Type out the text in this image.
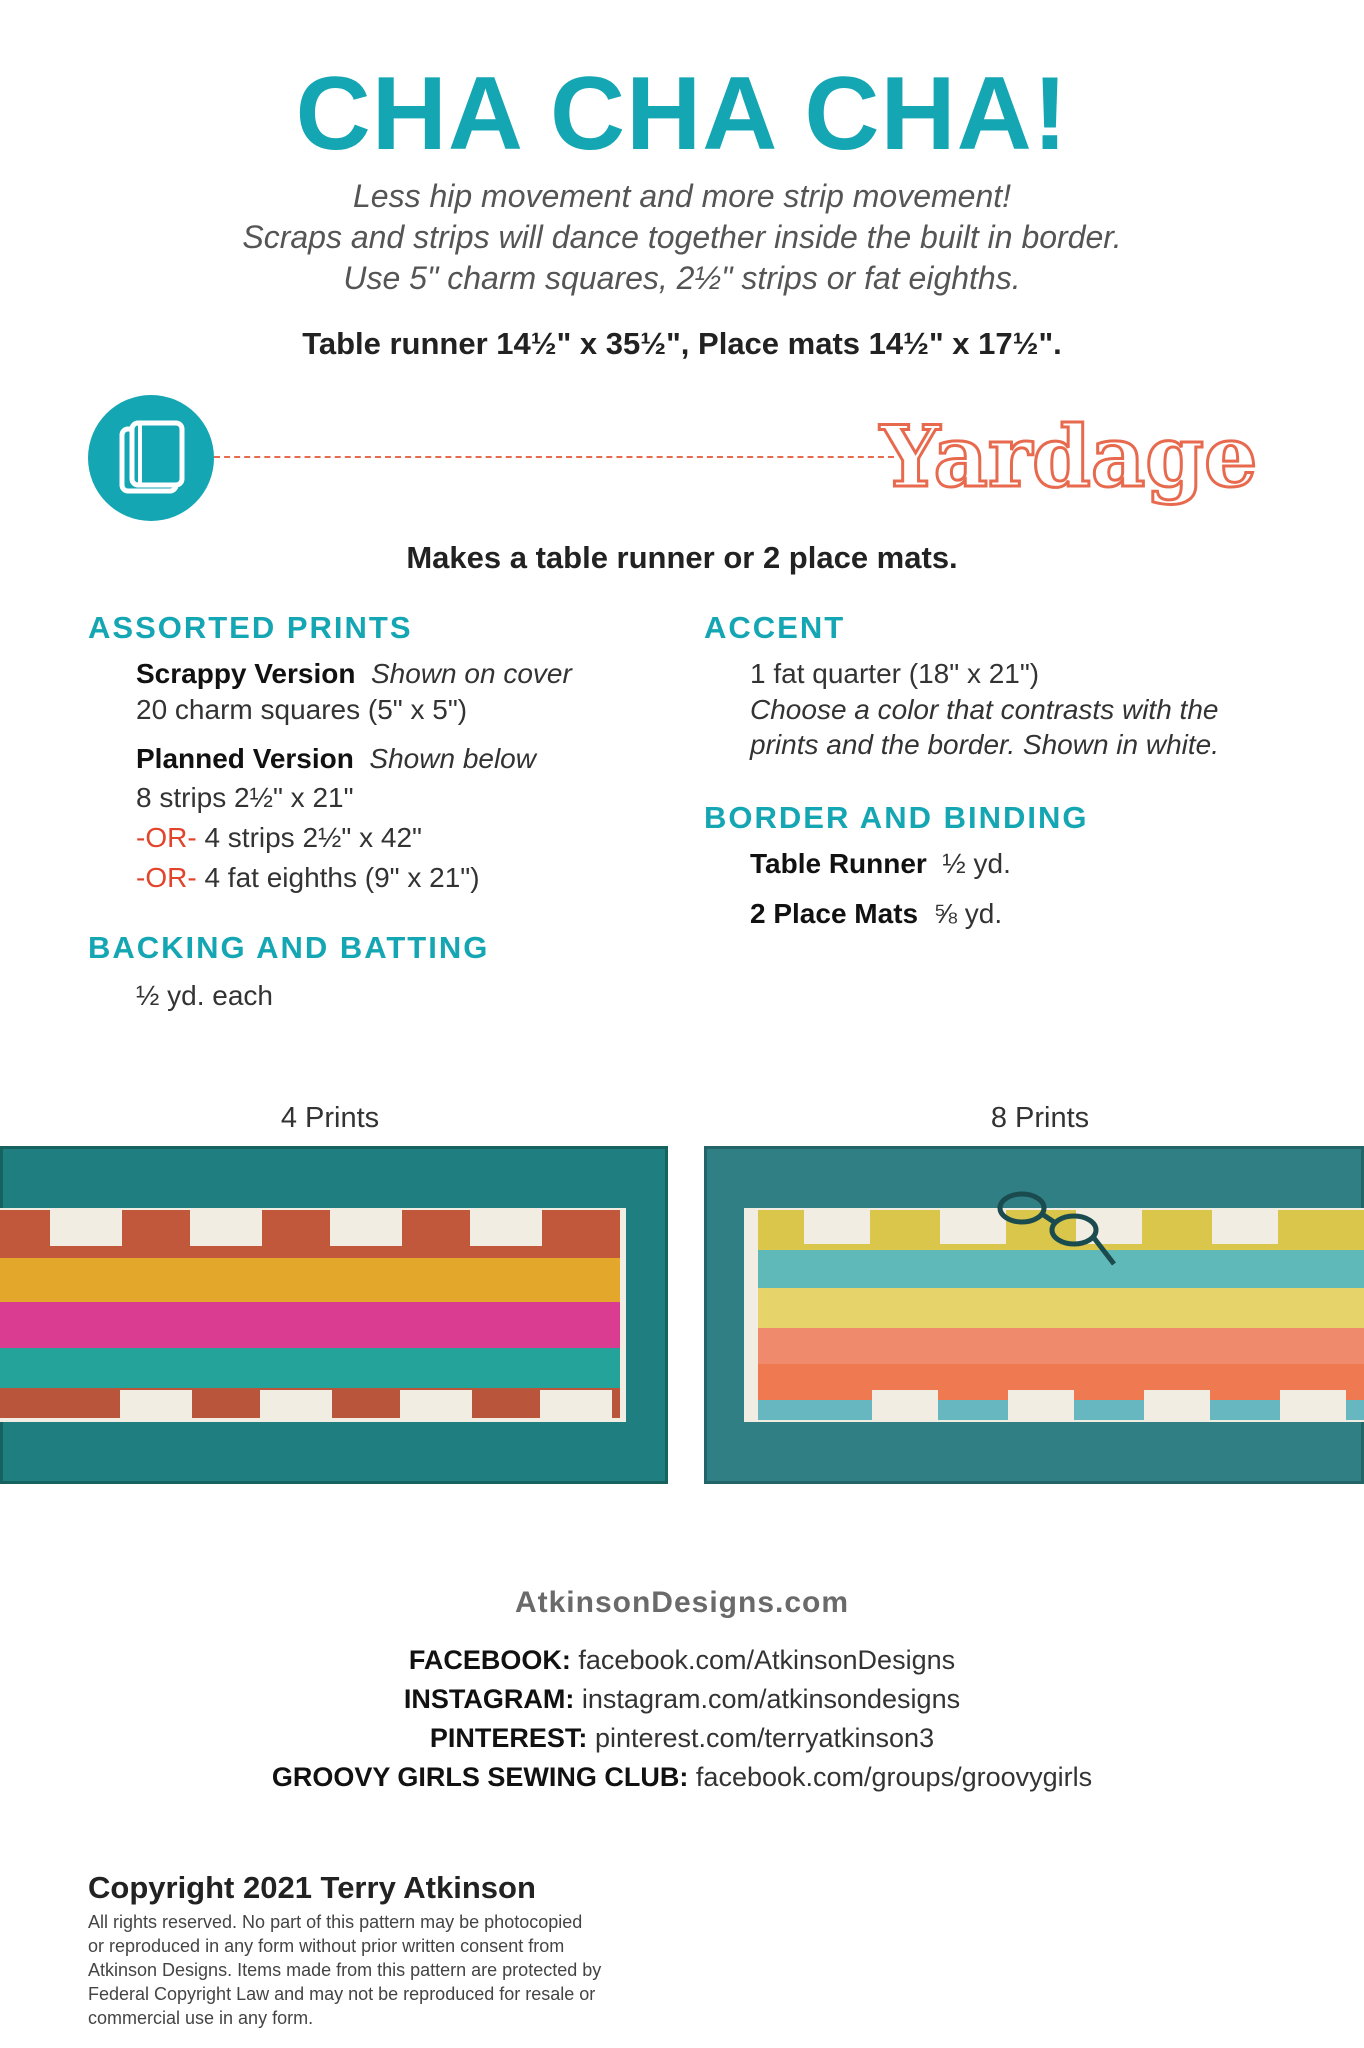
CHA CHA CHA!
Less hip movement and more strip movement!
Scraps and strips will dance together inside the built in border.
Use 5" charm squares, 2½" strips or fat eighths.
Table runner 14½" x 35½", Place mats 14½" x 17½".
Yardage
Makes a table runner or 2 place mats.
ASSORTED PRINTS
Scrappy Version Shown on cover
20 charm squares (5" x 5")
Planned Version Shown below
8 strips 2½" x 21"
-OR- 4 strips 2½" x 42"
-OR- 4 fat eighths (9" x 21")
BACKING AND BATTING
½ yd. each
ACCENT
1 fat quarter (18" x 21")
Choose a color that contrasts with the
prints and the border. Shown in white.
BORDER AND BINDING
Table Runner ½ yd.
2 Place Mats ⅝ yd.
4 Prints	8 Prints
AtkinsonDesigns.com
FACEBOOK: facebook.com/AtkinsonDesigns
INSTAGRAM: instagram.com/atkinsondesigns
PINTEREST: pinterest.com/terryatkinson3
GROOVY GIRLS SEWING CLUB: facebook.com/groups/groovygirls
Copyright 2021 Terry Atkinson
All rights reserved. No part of this pattern may be photocopied
or reproduced in any form without prior written consent from
Atkinson Designs. Items made from this pattern are protected by
Federal Copyright Law and may not be reproduced for resale or
commercial use in any form.
